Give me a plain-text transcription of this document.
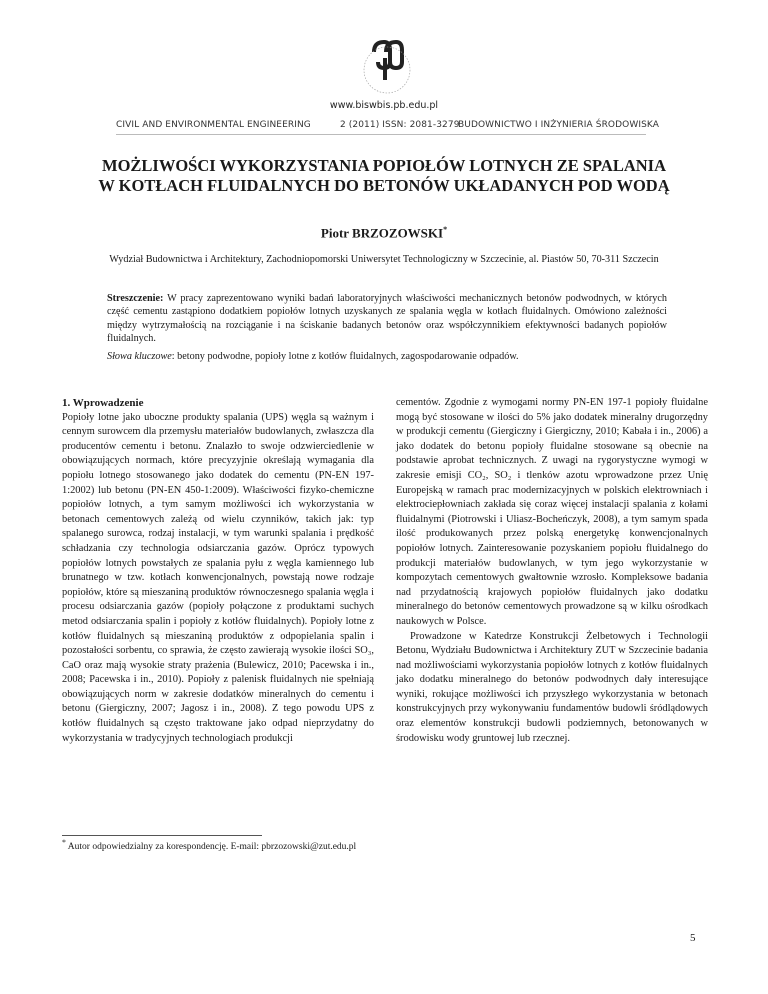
www.biswbis.pb.edu.pl
CIVIL AND ENVIRONMENTAL ENGINEERING	2 (2011) ISSN: 2081-3279
BUDOWNICTWO I INŻYNIERIA ŚRODOWISKA
MOŻLIWOŚCI WYKORZYSTANIA POPIOŁÓW LOTNYCH ZE SPALANIA
W KOTŁACH FLUIDALNYCH DO BETONÓW UKŁADANYCH POD WODĄ
Piotr BRZOZOWSKI*
Wydział Budownictwa i Architektury, Zachodniopomorski Uniwersytet Technologiczny w Szczecinie, al. Piastów 50, 70-311 Szczecin
Streszczenie: W pracy zaprezentowano wyniki badań laboratoryjnych właściwości mechanicznych betonów podwodnych, w których część cementu zastąpiono dodatkiem popiołów lotnych uzyskanych ze spalania węgla w kotłach fluidalnych. Omówiono zależności między wytrzymałością na rozciąganie i na ściskanie badanych betonów oraz współczynnikiem efektywności badanych popiołów fluidalnych.
Słowa kluczowe: betony podwodne, popioły lotne z kotłów fluidalnych, zagospodarowanie odpadów.

1. Wprowadzenie

Popioły lotne jako uboczne produkty spalania (UPS) węgla są ważnym i cennym surowcem dla przemysłu materiałów budowlanych, zwłaszcza dla producentów cementu i betonu. Znalazło to swoje odzwierciedlenie w obowiązujących normach, które precyzyjnie określają wymagania dla popiołu lotnego stosowanego jako dodatek do cementu (PN-EN 197-1:2002) lub betonu (PN-EN 450-1:2009). Właściwości fizyko-chemiczne popiołów lotnych, a tym samym możliwości ich wykorzystania w betonach cementowych zależą od wielu czynników, takich jak: typ spalanego surowca, rodzaj instalacji, w tym warunki spalania i prędkość schładzania czy technologia odsiarczania gazów. Oprócz typowych popiołów lotnych powstałych ze spalania pyłu z węgla kamiennego lub brunatnego w tzw. kotłach konwencjonalnych, powstają nowe rodzaje popiołów, które są mieszaniną produktów równoczesnego spalania węgla i procesu odsiarczania gazów (popioły połączone z produktami suchych metod odsiarczania spalin i popioły z kotłów fluidalnych). Popioły lotne z kotłów fluidalnych są mieszaniną produktów z odpopielania spalin i pozostałości sorbentu, co sprawia, że często zawierają wysokie ilości SO₃, CaO oraz mają wysokie straty prażenia (Bulewicz, 2010; Pacewska i in., 2008; Pacewska i in., 2010). Popioły z palenisk fluidalnych nie spełniają obowiązujących norm w zakresie dodatków mineralnych do cementu i betonu (Giergiczny, 2007; Jagosz i in., 2008). Z tego powodu UPS z kotłów fluidalnych są często traktowane jako odpad nieprzydatny do wykorzystania w tradycyjnych technologiach produkcji

cementów. Zgodnie z wymogami normy PN-EN 197-1 popioły fluidalne mogą być stosowane w ilości do 5% jako dodatek mineralny drugorzędny w produkcji cementu (Giergiczny i Giergiczny, 2010; Kabała i in., 2006) a jako dodatek do betonu popioły fluidalne stosowane są obecnie na podstawie aprobat technicznych. Z uwagi na rygorystyczne wymogi w zakresie emisji CO₂, SO₂ i tlenków azotu wprowadzone przez Unię Europejską w ramach prac modernizacyjnych w polskich elektrowniach i elektrociepłowniach zakłada się coraz więcej instalacji spalania z kołami fluidalnymi (Piotrowski i Uliasz-Bocheńczyk, 2008), a tym samym spada ilość produkowanych przez polską energetykę konwencjonalnych popiołów lotnych. Zainteresowanie pozyskaniem popiołu fluidalnego do produkcji materiałów budowlanych, w tym jego wykorzystanie w kompozytach cementowych gwałtownie wzrosło. Kompleksowe badania nad przydatnością krajowych popiołów fluidalnych jako dodatku mineralnego do betonów cementowych prowadzone są w kilku ośrodkach naukowych w Polsce.

Prowadzone w Katedrze Konstrukcji Żelbetowych i Technologii Betonu, Wydziału Budownictwa i Architektury ZUT w Szczecinie badania nad możliwościami wykorzystania popiołów lotnych z kotłów fluidalnych jako dodatku mineralnego do betonów podwodnych dały interesujące wyniki, rokujące możliwości ich przyszłego wykorzystania w betonach konstrukcyjnych przy wykonywaniu fundamentów budowli śródlądowych oraz elementów konstrukcji budowli podziemnych, betonowanych w środowisku wody gruntowej lub rzecznej.

* Autor odpowiedzialny za korespondencję. E-mail: pbrzozowski@zut.edu.pl
5
